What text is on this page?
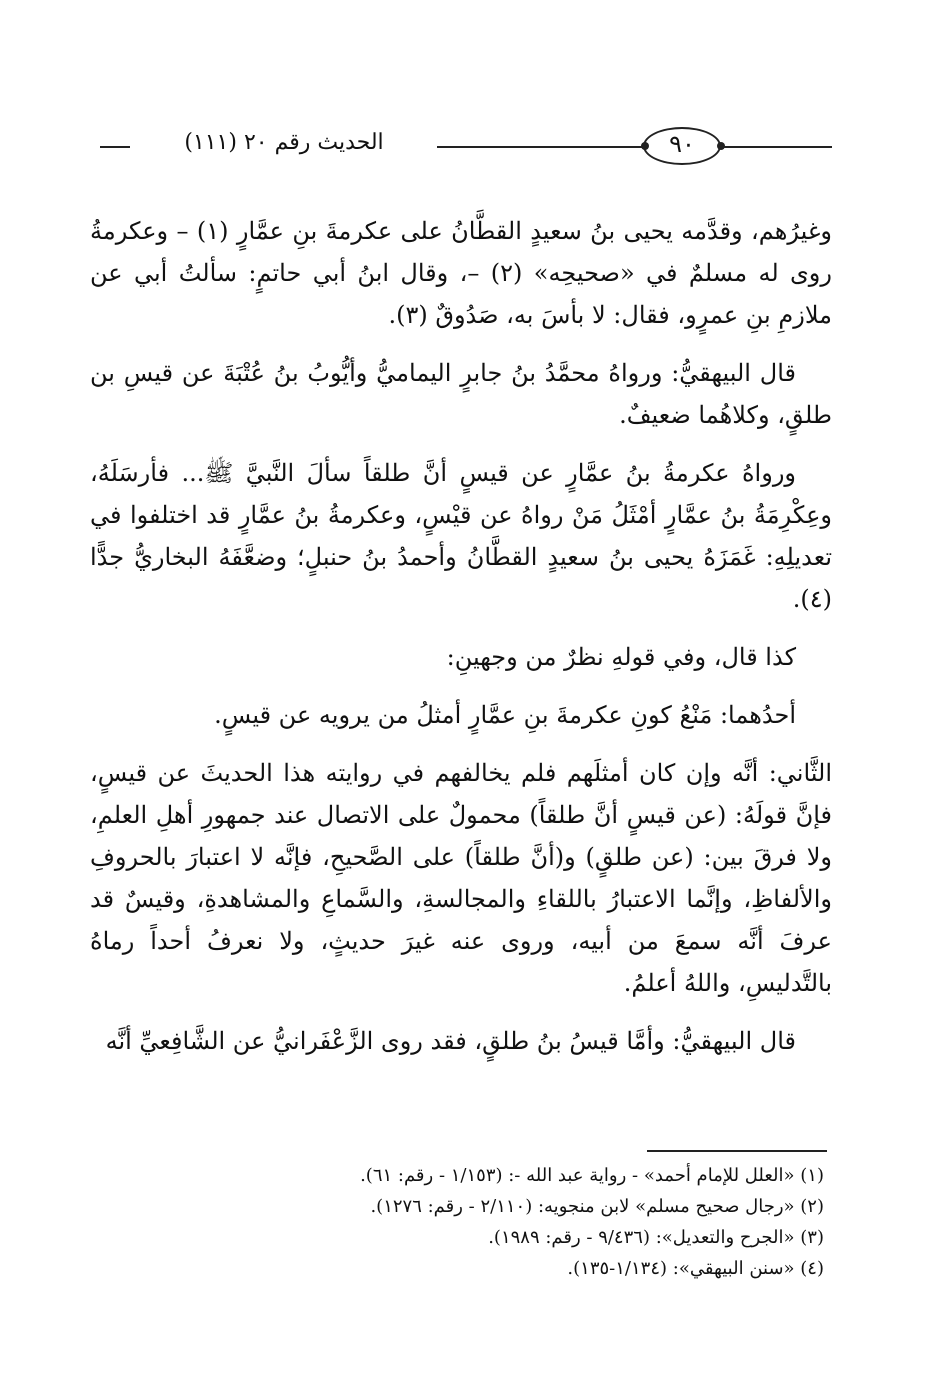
الحديث رقم ٢٠ (١١١)	٩٠

وغيرُهم، وقدَّمه يحيى بنُ سعيدٍ القطَّانُ على عكرمةَ بنِ عمَّارٍ (١) – وعكرمةُ روى له مسلمٌ في «صحيحِه» (٢) –، وقال ابنُ أبي حاتمٍ: سألتُ أبي عن ملازمِ بنِ عمرٍو، فقال: لا بأسَ به، صَدُوقٌ (٣).

قال البيهقيُّ: ورواهُ محمَّدُ بنُ جابرٍ اليماميُّ وأيُّوبُ بنُ عُتْبَةَ عن قيسِ بن طلقٍ، وكلاهُما ضعيفٌ.

ورواهُ عكرمةُ بنُ عمَّارٍ عن قيسٍ أنَّ طلقاً سألَ النَّبيَّ ﷺ... فأرسَلَهُ، وعِكْرِمَةُ بنُ عمَّارٍ أمْثَلُ مَنْ رواهُ عن قيْسٍ، وعكرمةُ بنُ عمَّارٍ قد اختلفوا في تعديلِهِ: غَمَزَهُ يحيى بنُ سعيدٍ القطَّانُ وأحمدُ بنُ حنبلٍ؛ وضعَّفَهُ البخاريُّ جدًّا (٤).

كذا قال، وفي قولهِ نظرٌ من وجهينِ:

أحدُهما: مَنْعُ كونِ عكرمةَ بنِ عمَّارٍ أمثلُ من يرويه عن قيسٍ.

الثَّاني: أنَّه وإن كان أمثلَهم فلم يخالفهم في روايته هذا الحديثَ عن قيسٍ، فإنَّ قولَهُ: (عن قيسٍ أنَّ طلقاً) محمولٌ على الاتصال عند جمهورِ أهلِ العلمِ، ولا فرقَ بين: (عن طلقٍ) و(أنَّ طلقاً) على الصَّحيحِ، فإنَّه لا اعتبارَ بالحروفِ والألفاظِ، وإنَّما الاعتبارُ باللقاءِ والمجالسةِ، والسَّماعِ والمشاهدةِ، وقيسٌ قد عرفَ أنَّه سمعَ من أبيه، وروى عنه غيرَ حديثٍ، ولا نعرفُ أحداً رماهُ بالتَّدليسِ، واللهُ أعلمُ.

قال البيهقيُّ: وأمَّا قيسُ بنُ طلقٍ، فقد روى الزَّعْفَرانيُّ عن الشَّافِعيِّ أنَّه

(١) «العلل للإمام أحمد» - رواية عبد الله -: (١/١٥٣ - رقم: ٦١).
(٢) «رجال صحيح مسلم» لابن منجويه: (٢/١١٠ - رقم: ١٢٧٦).
(٣) «الجرح والتعديل»: (٩/٤٣٦ - رقم: ١٩٨٩).
(٤) «سنن البيهقي»: (١/١٣٤-١٣٥).
